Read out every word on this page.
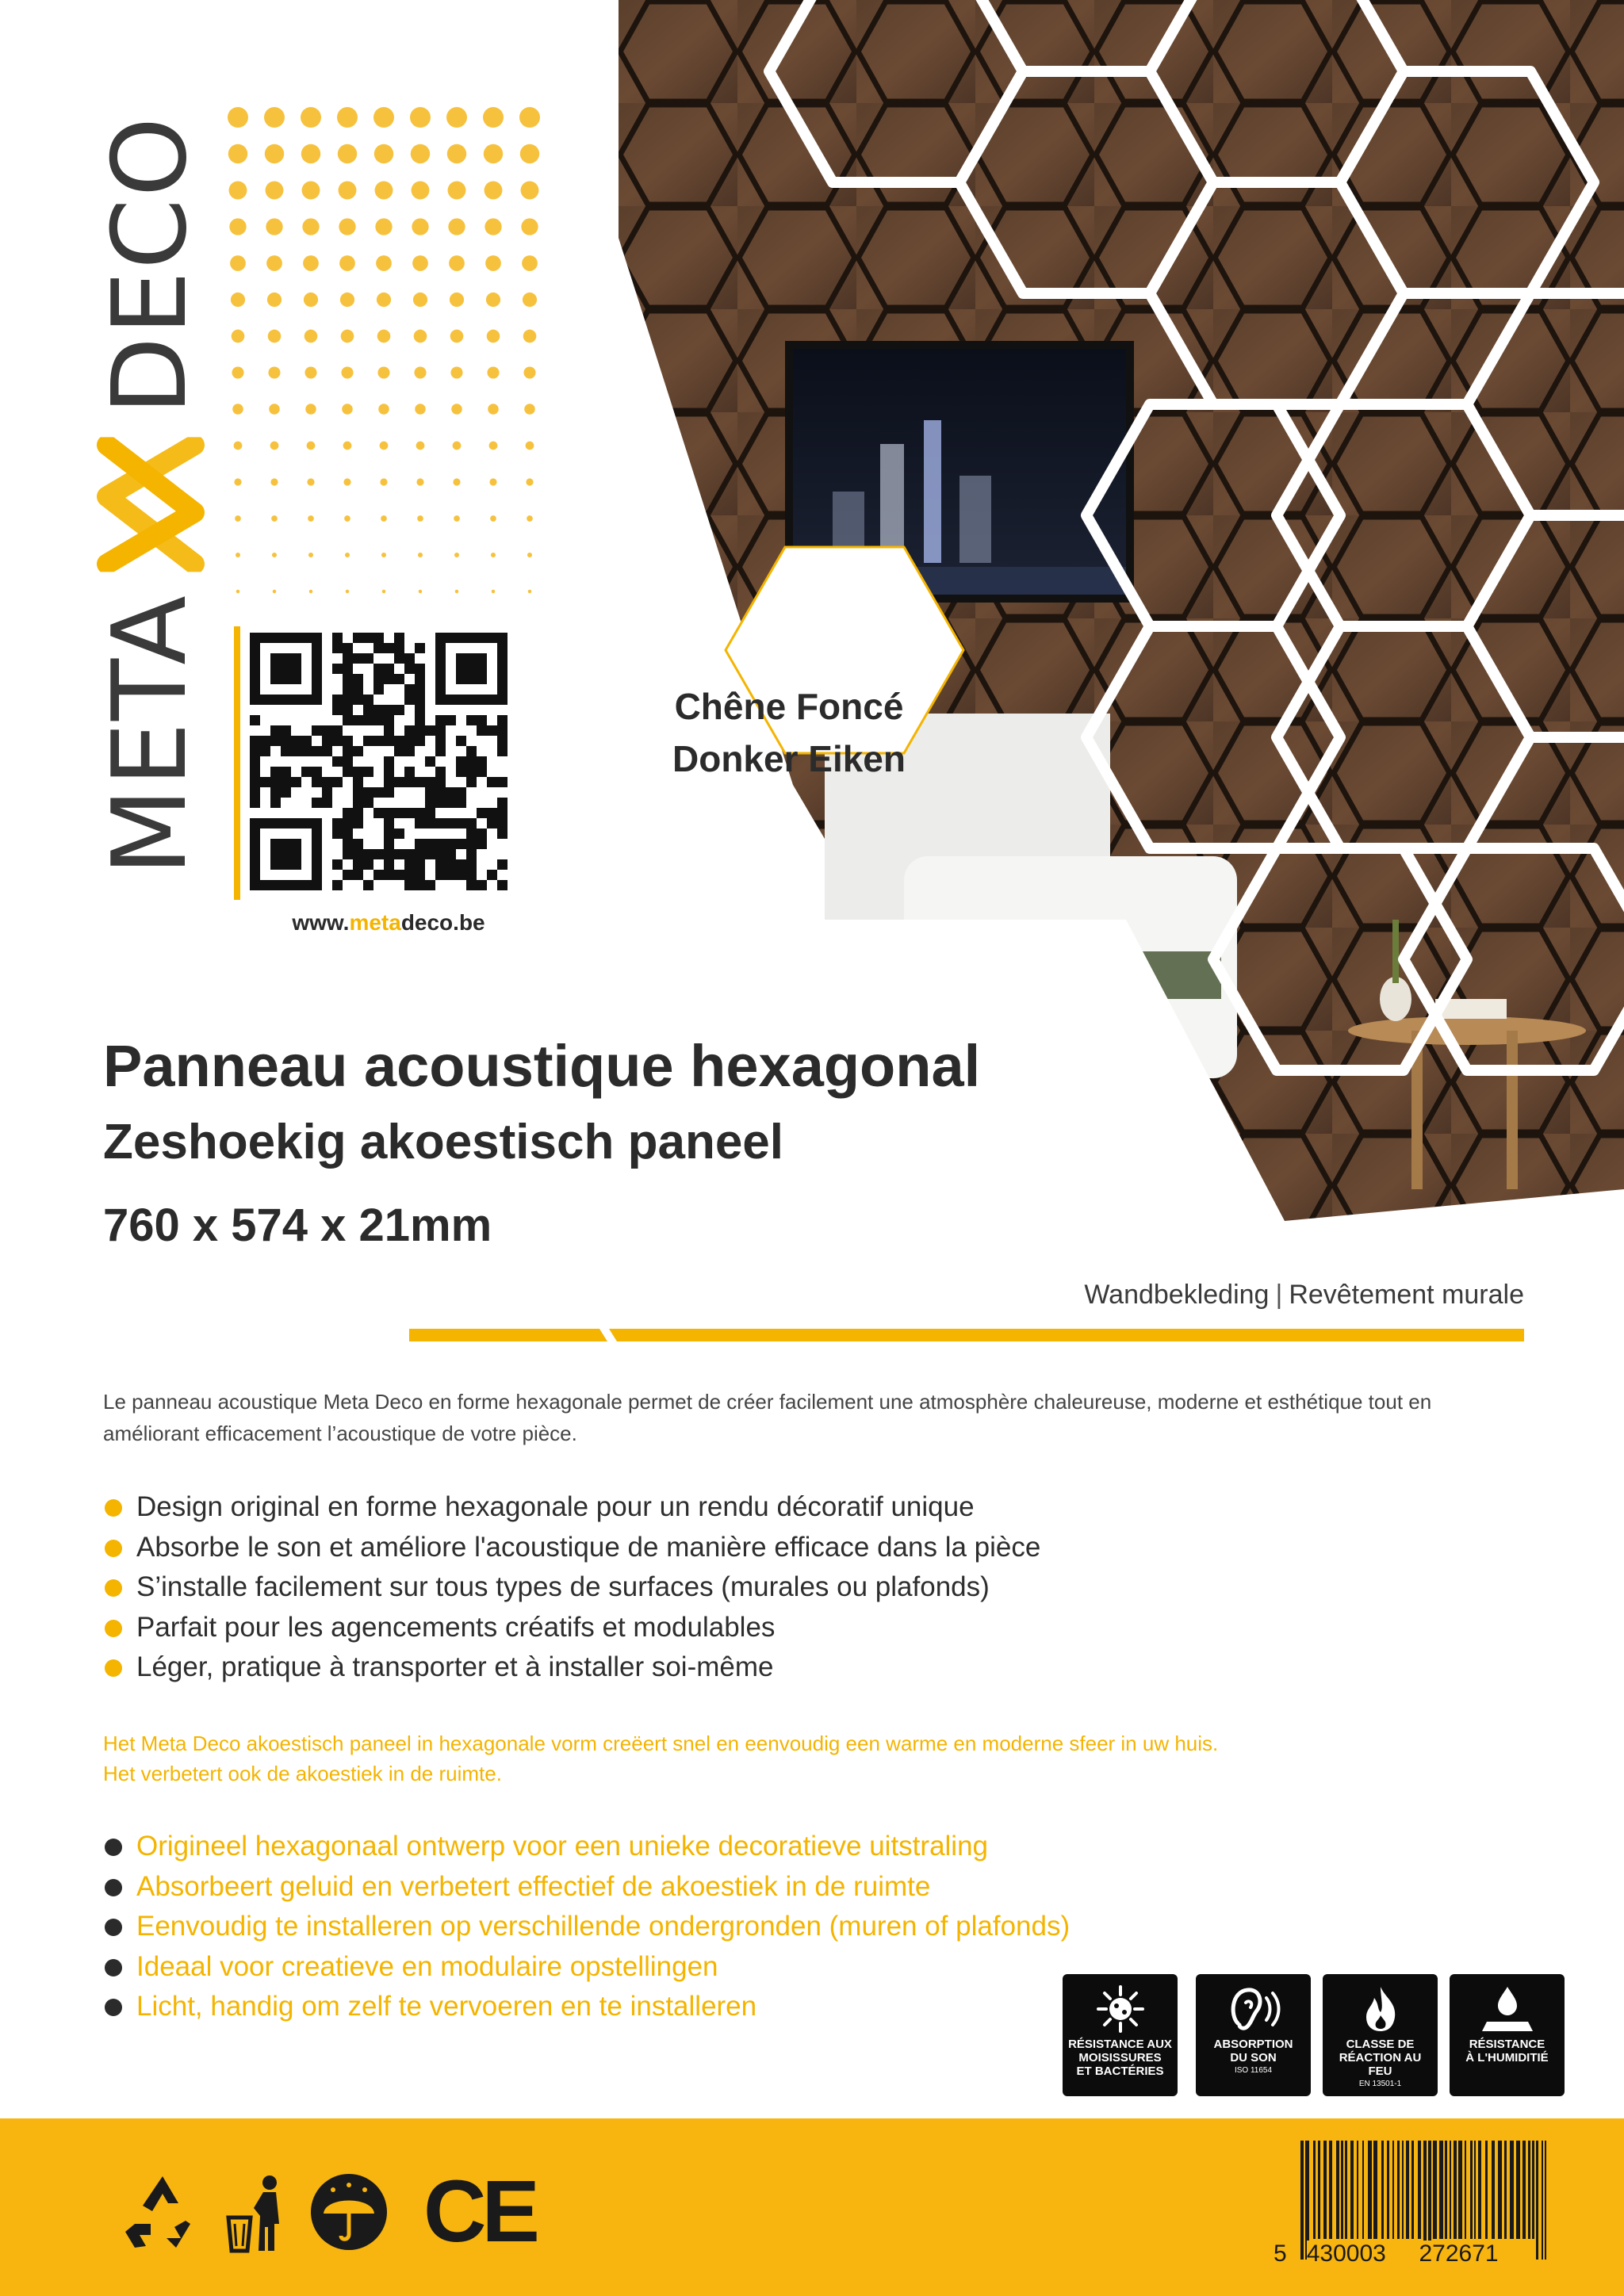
META
DECO
www.metadeco.be
Chêne Foncé
Donker Eiken
Panneau acoustique hexagonal
Zeshoekig akoestisch paneel
760 x 574 x 21mm
Wandbekleding | Revêtement murale
Le panneau acoustique Meta Deco en forme hexagonale permet de créer facilement une atmosphère chaleureuse, moderne et esthétique tout en améliorant efficacement l’acoustique de votre pièce.
Design original en forme hexagonale pour un rendu décoratif unique
Absorbe le son et améliore l'acoustique de manière efficace dans la pièce
S’installe facilement sur tous types de surfaces (murales ou plafonds)
Parfait pour les agencements créatifs et modulables
Léger, pratique à transporter et à installer soi-même
Het Meta Deco akoestisch paneel in hexagonale vorm creëert snel en eenvoudig een warme en moderne sfeer in uw huis.
Het verbetert ook de akoestiek in de ruimte.
Origineel hexagonaal ontwerp voor een unieke decoratieve uitstraling
Absorbeert geluid en verbetert effectief de akoestiek in de ruimte
Eenvoudig te installeren op verschillende ondergronden (muren of plafonds)
Ideaal voor creatieve en modulaire opstellingen
Licht, handig om zelf te vervoeren en te installeren
RÉSISTANCE AUX
MOISISSURES
ET BACTÉRIES
ABSORPTION
DU SON
ISO 11654
CLASSE DE
RÉACTION AU FEU
EN 13501-1
RÉSISTANCE
À L'HUMIDITIÉ
CE	5 430003 272671
